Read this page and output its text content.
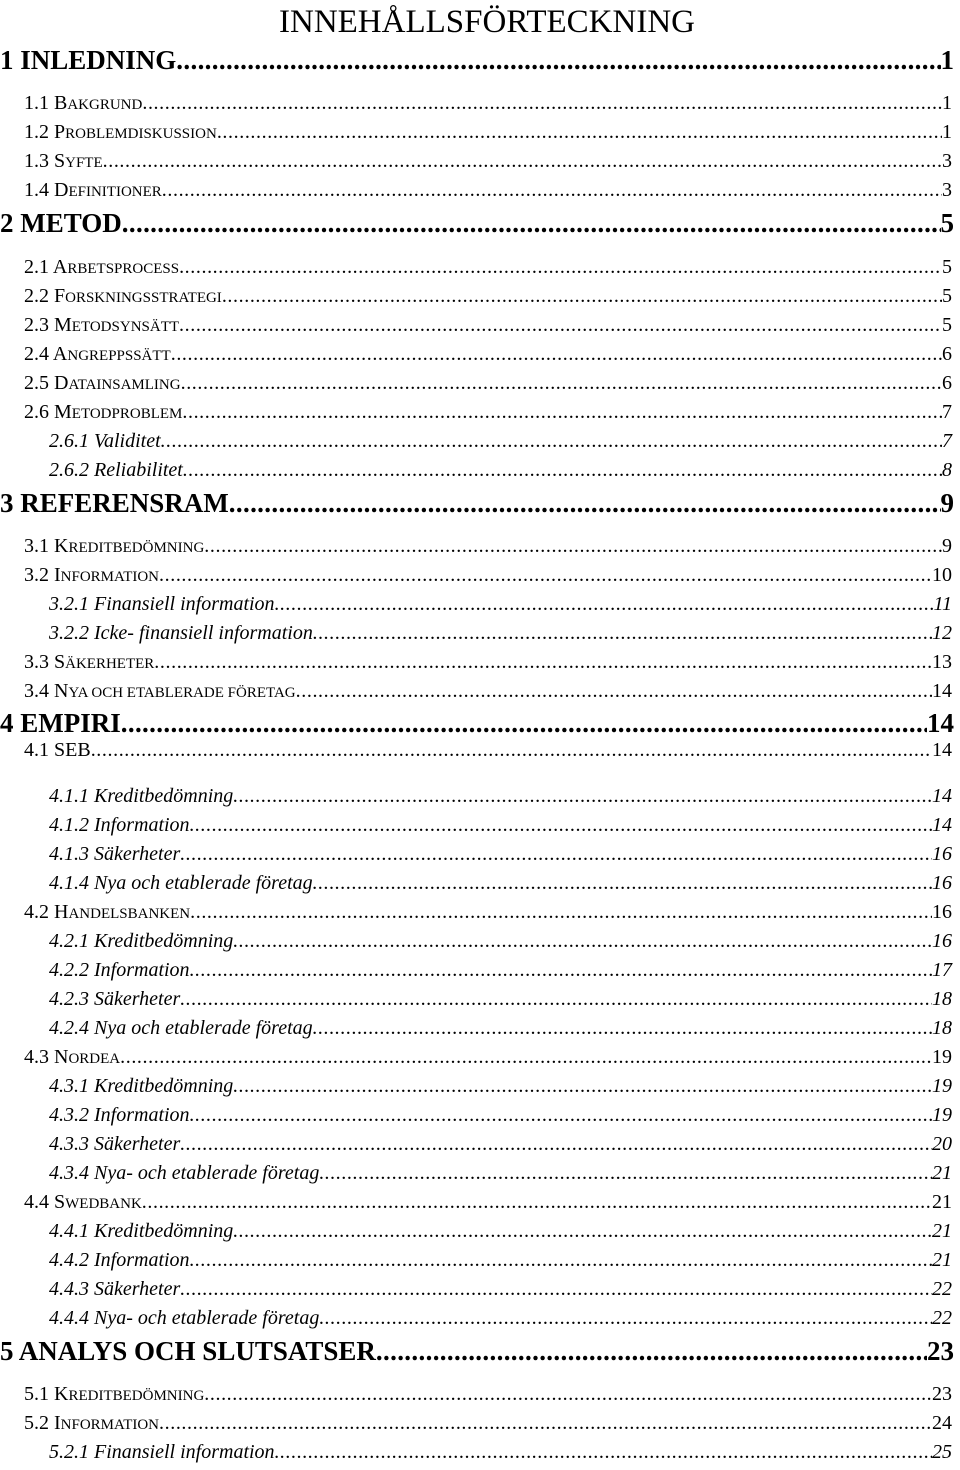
INNEHÅLLSFÖRTECKNING
1 INLEDNING . . .	1
1.1 BAKGRUND . . .	1
1.2 PROBLEMDISKUSSION . . .	1
1.3 SYFTE . . .	3
1.4 DEFINITIONER . . .	3
2 METOD . . .	5
2.1 ARBETSPROCESS . . .	5
2.2 FORSKNINGSSTRATEGI . . .	5
2.3 METODSYNSÄTT . . .	5
2.4 ANGREPPSSÄTT . . .	6
2.5 DATAINSAMLING . . .	6
2.6 METODPROBLEM . . .	7
2.6.1 Validitet . . .	7
2.6.2 Reliabilitet . . .	8
3 REFERENSRAM . . .	9
3.1 KREDITBEDÖMNING . . .	9
3.2 INFORMATION . . .	10
3.2.1 Finansiell information . . .	11
3.2.2 Icke- finansiell information . . .	12
3.3 SÄKERHETER . . .	13
3.4 NYA OCH ETABLERADE FÖRETAG . . .	14
4 EMPIRI . . .	14
4.1 SEB . . .	14
4.1.1 Kreditbedömning . . .	14
4.1.2 Information . . .	14
4.1.3 Säkerheter . . .	16
4.1.4 Nya och etablerade företag . . .	16
4.2 HANDELSBANKEN . . .	16
4.2.1 Kreditbedömning . . .	16
4.2.2 Information . . .	17
4.2.3 Säkerheter . . .	18
4.2.4 Nya och etablerade företag . . .	18
4.3 NORDEA . . .	19
4.3.1 Kreditbedömning . . .	19
4.3.2 Information . . .	19
4.3.3 Säkerheter . . .	20
4.3.4 Nya- och etablerade företag . . .	21
4.4 SWEDBANK . . .	21
4.4.1 Kreditbedömning . . .	21
4.4.2 Information . . .	21
4.4.3 Säkerheter . . .	22
4.4.4 Nya- och etablerade företag . . .	22
5 ANALYS OCH SLUTSATSER . . .	23
5.1 KREDITBEDÖMNING . . .	23
5.2 INFORMATION . . .	24
5.2.1 Finansiell information . . .	25
